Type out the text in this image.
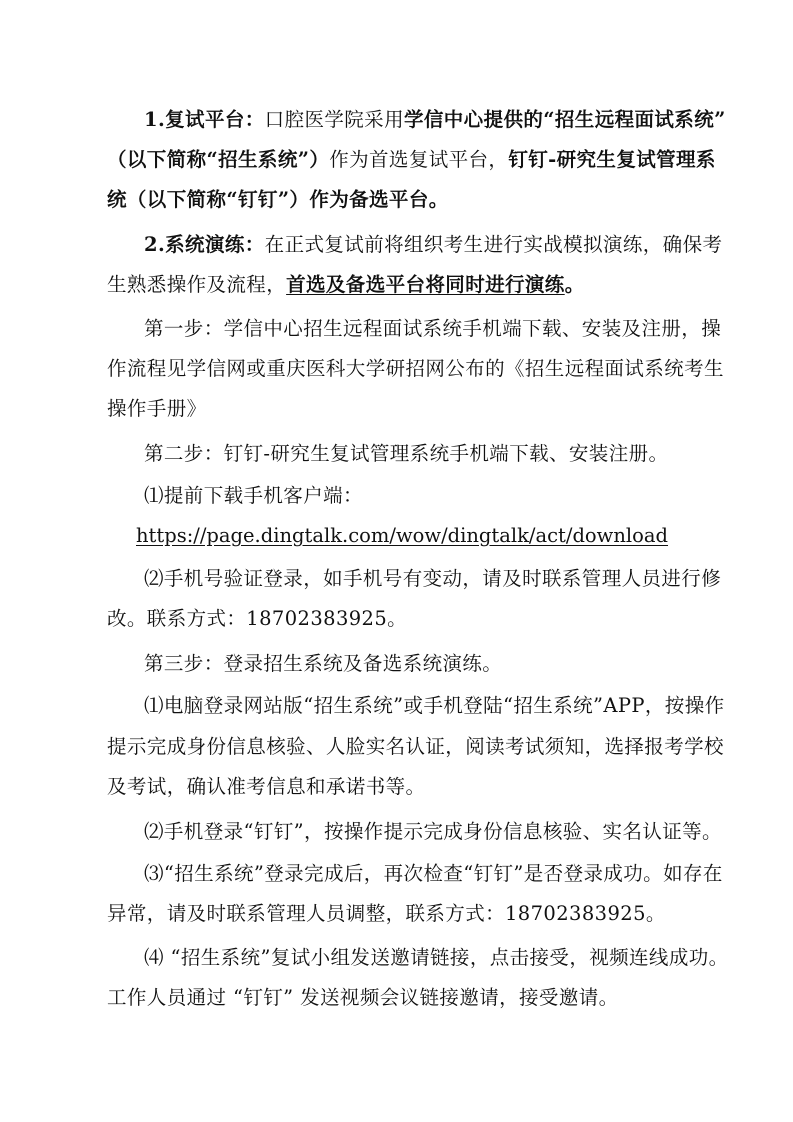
1.复试平台：口腔医学院采用学信中心提供的“招生远程面试系统”
（以下简称“招生系统”）作为首选复试平台，钉钉-研究生复试管理系
统（以下简称“钉钉”）作为备选平台。
2.系统演练：在正式复试前将组织考生进行实战模拟演练，确保考
生熟悉操作及流程，首选及备选平台将同时进行演练。
第一步：学信中心招生远程面试系统手机端下载、安装及注册，操
作流程见学信网或重庆医科大学研招网公布的《招生远程面试系统考生
操作手册》
第二步：钉钉-研究生复试管理系统手机端下载、安装注册。
⑴提前下载手机客户端：
https://page.dingtalk.com/wow/dingtalk/act/download
⑵手机号验证登录，如手机号有变动，请及时联系管理人员进行修
改。联系方式：18702383925。
第三步：登录招生系统及备选系统演练。
⑴电脑登录网站版“招生系统”或手机登陆“招生系统”APP，按操作
提示完成身份信息核验、人脸实名认证，阅读考试须知，选择报考学校
及考试，确认准考信息和承诺书等。
⑵手机登录“钉钉”，按操作提示完成身份信息核验、实名认证等。
⑶“招生系统”登录完成后，再次检查“钉钉”是否登录成功。如存在
异常，请及时联系管理人员调整，联系方式：18702383925。
⑷ “招生系统”复试小组发送邀请链接，点击接受，视频连线成功。
工作人员通过 “钉钉” 发送视频会议链接邀请，接受邀请。
